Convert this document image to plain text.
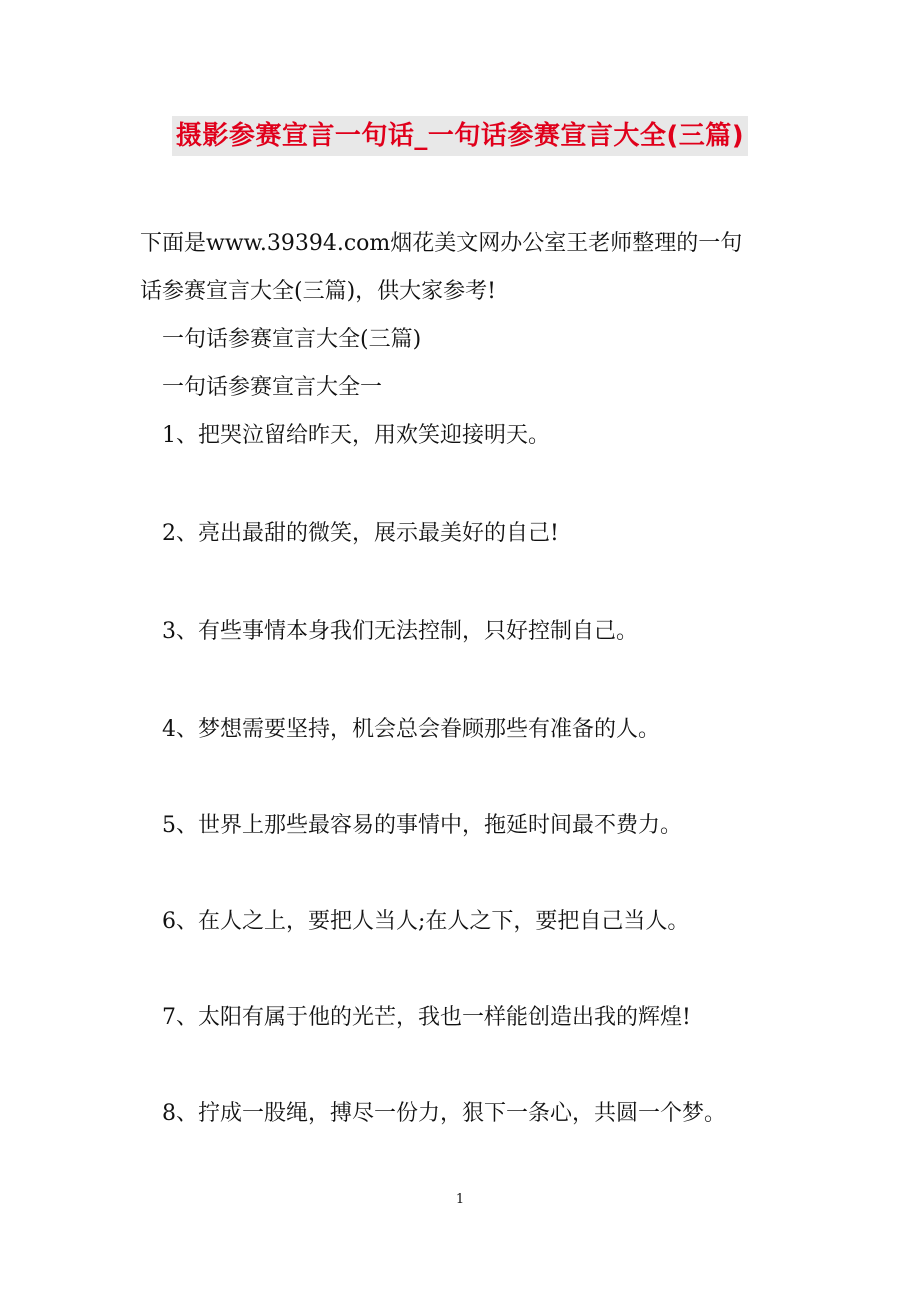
摄影参赛宣言一句话_一句话参赛宣言大全(三篇)
下面是www.39394.com烟花美文网办公室王老师整理的一句
话参赛宣言大全(三篇)，供大家参考!
一句话参赛宣言大全(三篇)
一句话参赛宣言大全一
1、把哭泣留给昨天，用欢笑迎接明天。
2、亮出最甜的微笑，展示最美好的自己!
3、有些事情本身我们无法控制，只好控制自己。
4、梦想需要坚持，机会总会眷顾那些有准备的人。
5、世界上那些最容易的事情中，拖延时间最不费力。
6、在人之上，要把人当人;在人之下，要把自己当人。
7、太阳有属于他的光芒，我也一样能创造出我的辉煌!
8、拧成一股绳，搏尽一份力，狠下一条心，共圆一个梦。
1
